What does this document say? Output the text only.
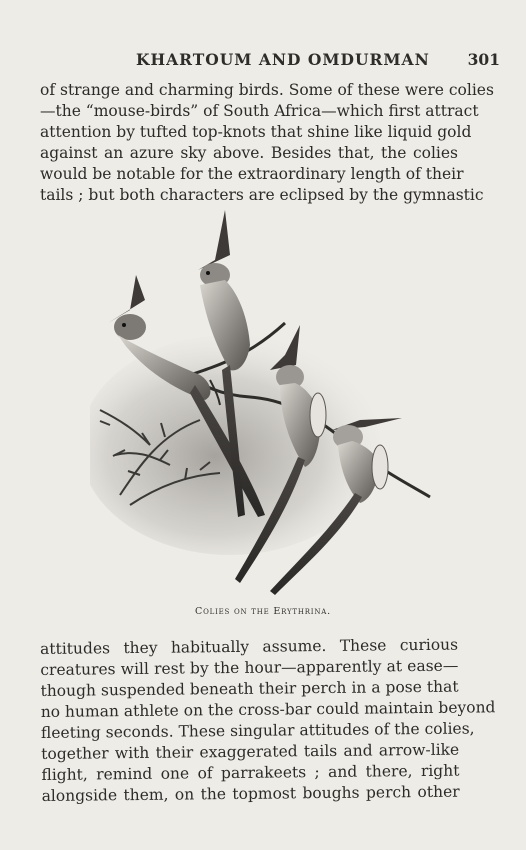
KHARTOUM AND OMDURMAN 301
of strange and charming birds. Some of these were colies
—the “mouse-birds” of South Africa—which first attract
attention by tufted top-knots that shine like liquid gold
against an azure sky above. Besides that, the colies
would be notable for the extraordinary length of their
tails ; but both characters are eclipsed by the gymnastic
Colies on the Erythrina.
attitudes they habitually assume. These curious
creatures will rest by the hour—apparently at ease—
though suspended beneath their perch in a pose that
no human athlete on the cross-bar could maintain beyond
fleeting seconds. These singular attitudes of the colies,
together with their exaggerated tails and arrow-like
flight, remind one of parrakeets ; and there, right
alongside them, on the topmost boughs perch other
